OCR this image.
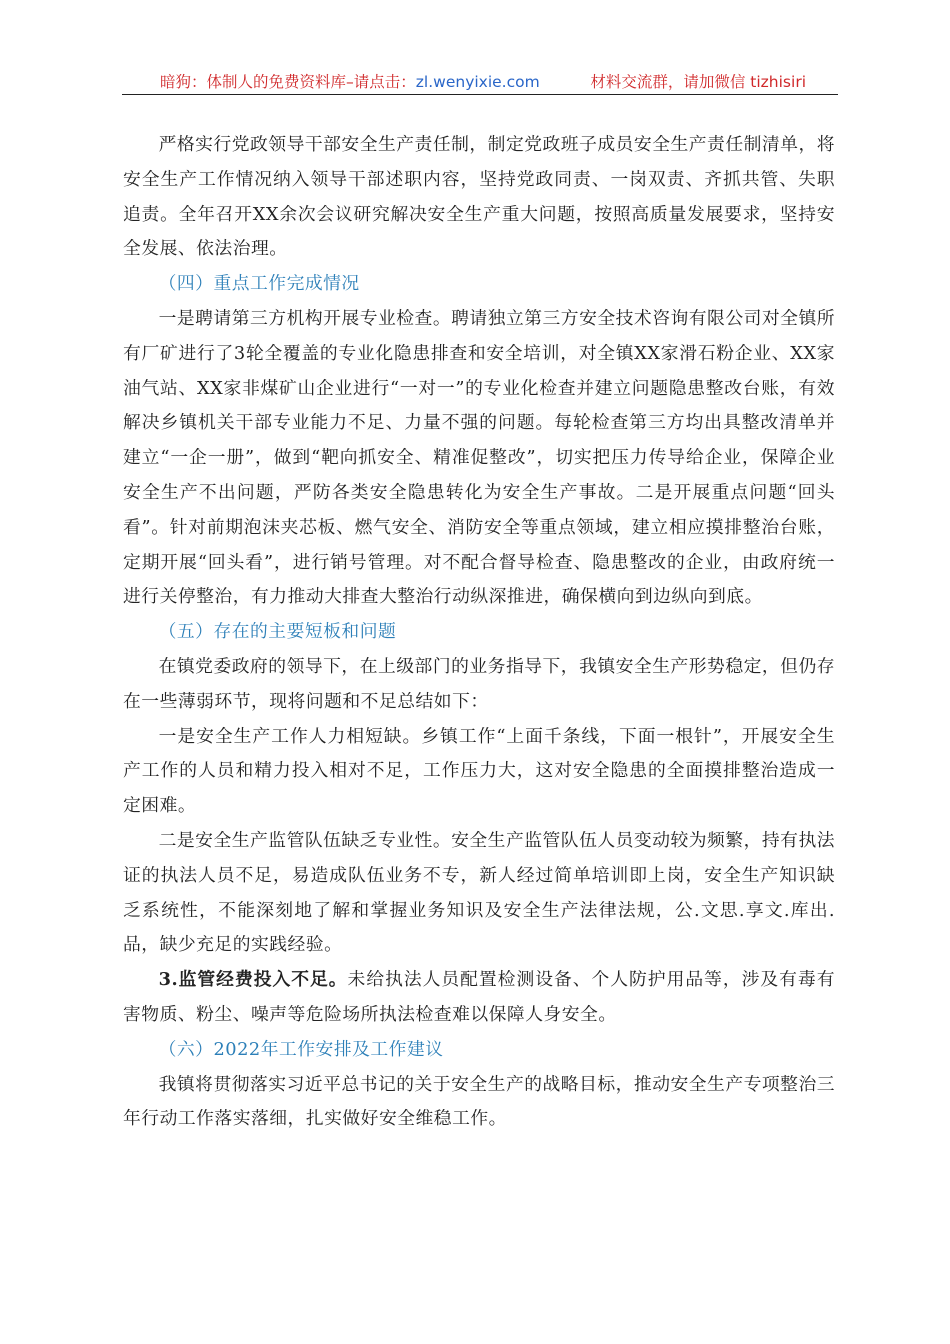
暗狗：体制人的免费资料库–请点击：zl.wenyixie.com	材料交流群，请加微信 tizhisiri

严格实行党政领导干部安全生产责任制，制定党政班子成员安全生产责任制清单，将安全生产工作情况纳入领导干部述职内容，坚持党政同责、一岗双责、齐抓共管、失职追责。全年召开XX余次会议研究解决安全生产重大问题，按照高质量发展要求，坚持安全发展、依法治理。

（四）重点工作完成情况

一是聘请第三方机构开展专业检查。聘请独立第三方安全技术咨询有限公司对全镇所有厂矿进行了3轮全覆盖的专业化隐患排查和安全培训，对全镇XX家滑石粉企业、XX家油气站、XX家非煤矿山企业进行“一对一”的专业化检查并建立问题隐患整改台账，有效解决乡镇机关干部专业能力不足、力量不强的问题。每轮检查第三方均出具整改清单并建立“一企一册”，做到“靶向抓安全、精准促整改”，切实把压力传导给企业，保障企业安全生产不出问题，严防各类安全隐患转化为安全生产事故。二是开展重点问题“回头看”。针对前期泡沫夹芯板、燃气安全、消防安全等重点领域，建立相应摸排整治台账，定期开展“回头看”，进行销号管理。对不配合督导检查、隐患整改的企业，由政府统一进行关停整治，有力推动大排查大整治行动纵深推进，确保横向到边纵向到底。

（五）存在的主要短板和问题

在镇党委政府的领导下，在上级部门的业务指导下，我镇安全生产形势稳定，但仍存在一些薄弱环节，现将问题和不足总结如下：

一是安全生产工作人力相短缺。乡镇工作“上面千条线，下面一根针”，开展安全生产工作的人员和精力投入相对不足，工作压力大，这对安全隐患的全面摸排整治造成一定困难。

二是安全生产监管队伍缺乏专业性。安全生产监管队伍人员变动较为频繁，持有执法证的执法人员不足，易造成队伍业务不专，新人经过简单培训即上岗，安全生产知识缺乏系统性，不能深刻地了解和掌握业务知识及安全生产法律法规，公.文思.享文.库出.品，缺少充足的实践经验。

3.监管经费投入不足。未给执法人员配置检测设备、个人防护用品等，涉及有毒有害物质、粉尘、噪声等危险场所执法检查难以保障人身安全。

（六）2022年工作安排及工作建议

我镇将贯彻落实习近平总书记的关于安全生产的战略目标，推动安全生产专项整治三年行动工作落实落细，扎实做好安全维稳工作。
